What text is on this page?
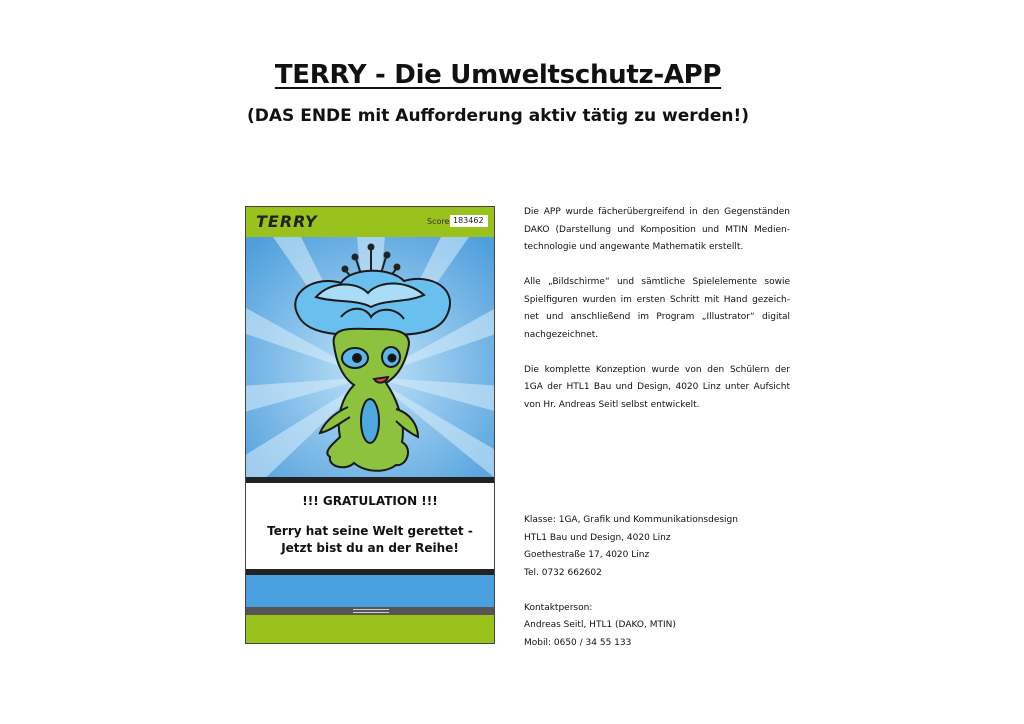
TERRY - Die Umweltschutz-APP
(DAS ENDE mit Aufforderung aktiv tätig zu werden!)
TERRY	Score 183462
!!! GRATULATION !!!
Terry hat seine Welt gerettet -
Jetzt bist du an der Reihe!

Die APP wurde fächerübergreifend in den Gegenständen DAKO (Darstellung und Komposition und MTIN Medien-technologie und angewante Mathematik erstellt.

Alle „Bildschirme“ und sämtliche Spielelemente sowie Spielfiguren wurden im ersten Schritt mit Hand gezeich-net und anschließend im Program „Illustrator“ digital nachgezeichnet.

Die komplette Konzeption wurde von den Schülern der 1GA der HTL1 Bau und Design, 4020 Linz unter Aufsicht von Hr. Andreas Seitl selbst entwickelt.

Klasse: 1GA, Grafik und Kommunikationsdesign
HTL1 Bau und Design, 4020 Linz
Goethestraße 17, 4020 Linz
Tel. 0732 662602
Kontaktperson:
Andreas Seitl, HTL1 (DAKO, MTIN)
Mobil: 0650 / 34 55 133
